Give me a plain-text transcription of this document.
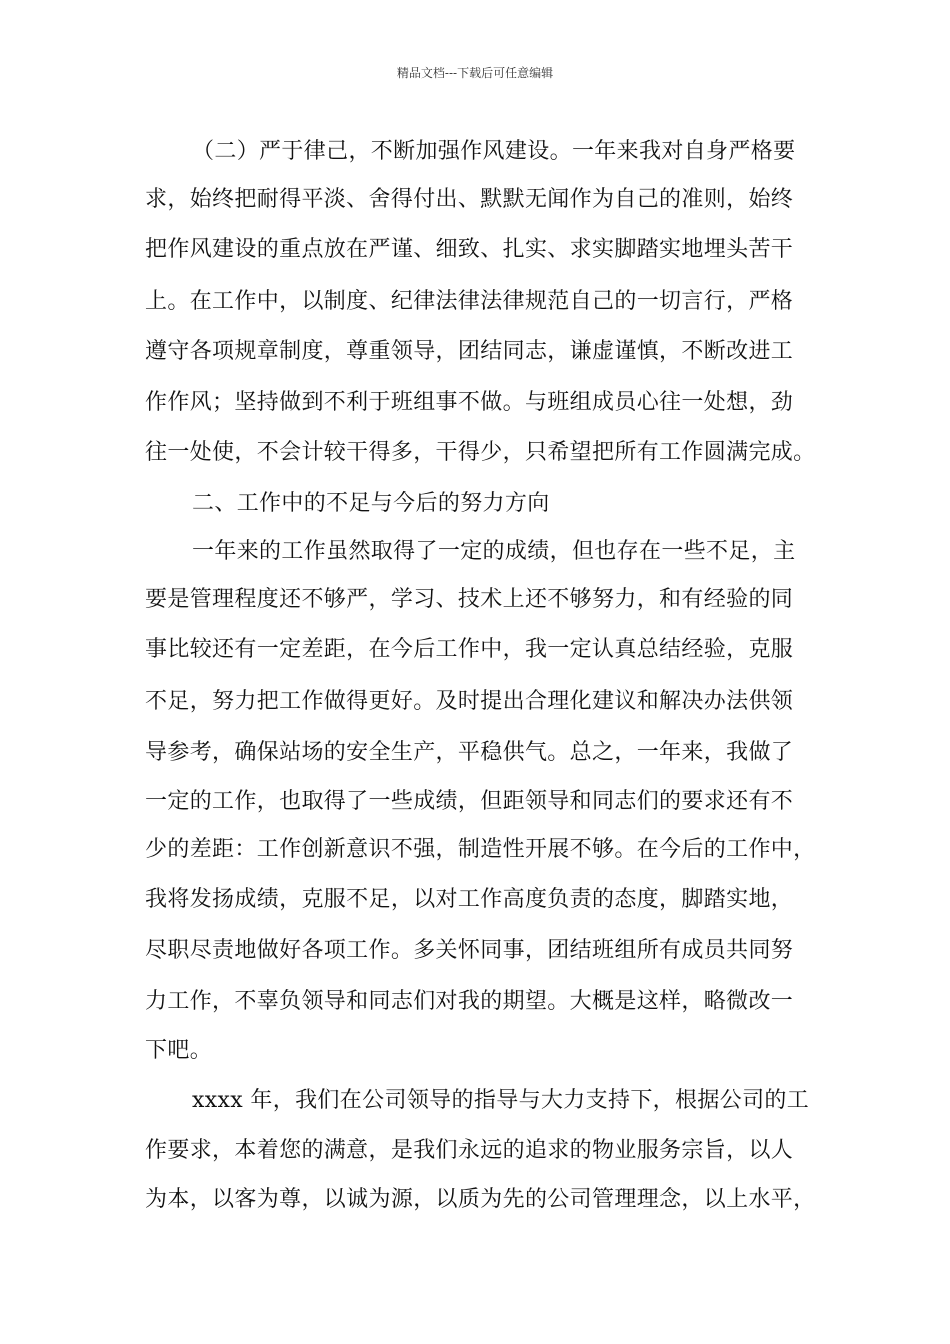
精品文档---下载后可任意编辑
（二）严于律己，不断加强作风建设。一年来我对自身严格要
求，始终把耐得平淡、舍得付出、默默无闻作为自己的准则，始终
把作风建设的重点放在严谨、细致、扎实、求实脚踏实地埋头苦干
上。在工作中，以制度、纪律法律法律规范自己的一切言行，严格
遵守各项规章制度，尊重领导，团结同志，谦虚谨慎，不断改进工
作作风；坚持做到不利于班组事不做。与班组成员心往一处想，劲
往一处使，不会计较干得多，干得少，只希望把所有工作圆满完成。
二、工作中的不足与今后的努力方向
一年来的工作虽然取得了一定的成绩，但也存在一些不足，主
要是管理程度还不够严，学习、技术上还不够努力，和有经验的同
事比较还有一定差距，在今后工作中，我一定认真总结经验，克服
不足，努力把工作做得更好。及时提出合理化建议和解决办法供领
导参考，确保站场的安全生产，平稳供气。总之，一年来，我做了
一定的工作，也取得了一些成绩，但距领导和同志们的要求还有不
少的差距：工作创新意识不强，制造性开展不够。在今后的工作中，
我将发扬成绩，克服不足，以对工作高度负责的态度，脚踏实地，
尽职尽责地做好各项工作。多关怀同事，团结班组所有成员共同努
力工作，不辜负领导和同志们对我的期望。大概是这样，略微改一
下吧。
xxxx 年，我们在公司领导的指导与大力支持下，根据公司的工
作要求，本着您的满意，是我们永远的追求的物业服务宗旨，以人
为本，以客为尊，以诚为源，以质为先的公司管理理念，以上水平，
